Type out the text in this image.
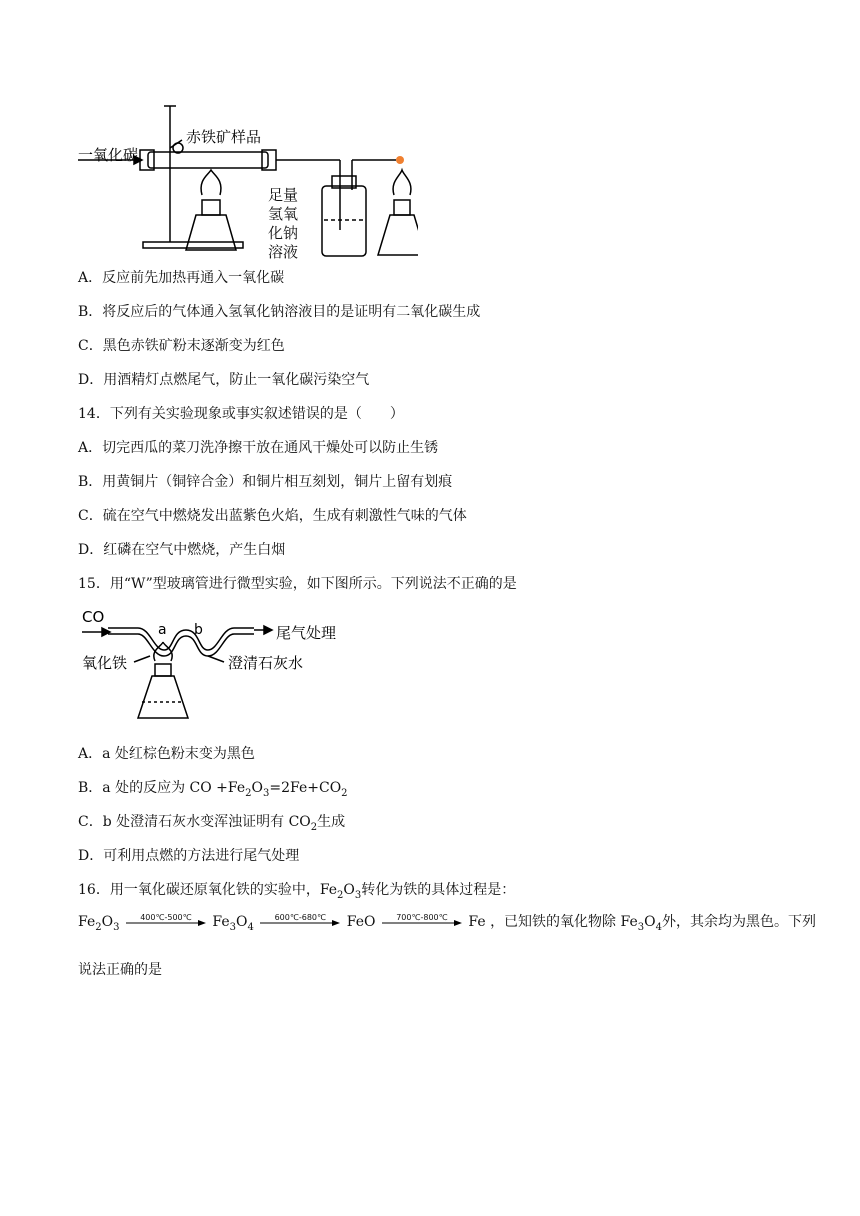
一氧化碳
赤铁矿样品
足量
氢氧
化钠
溶液
A．反应前先加热再通入一氧化碳
B．将反应后的气体通入氢氧化钠溶液目的是证明有二氧化碳生成
C．黑色赤铁矿粉末逐渐变为红色
D．用酒精灯点燃尾气，防止一氧化碳污染空气
14．下列有关实验现象或事实叙述错误的是（　　）
A．切完西瓜的菜刀洗净擦干放在通风干燥处可以防止生锈
B．用黄铜片（铜锌合金）和铜片相互刻划，铜片上留有划痕
C．硫在空气中燃烧发出蓝紫色火焰，生成有刺激性气味的气体
D．红磷在空气中燃烧，产生白烟
15．用“W”型玻璃管进行微型实验，如下图所示。下列说法不正确的是
CO
a b	尾气处理
氧化铁	澄清石灰水
A．a 处红棕色粉末变为黑色
B．a 处的反应为 CO $+Fe_2O_3=2Fe+CO_2$
C．b 处澄清石灰水变浑浊证明有 $CO_2$生成
D．可利用点燃的方法进行尾气处理
16．用一氧化碳还原氧化铁的实验中，$Fe_2O_3$转化为铁的具体过程是：
$Fe_2O_3$
400℃-500℃	$Fe_3O_4$
600℃-680℃	FeO	700℃-800℃	Fe ，已知铁的氧化物除 $Fe_3O_4$外，其余均为黑色。下列
说法正确的是
